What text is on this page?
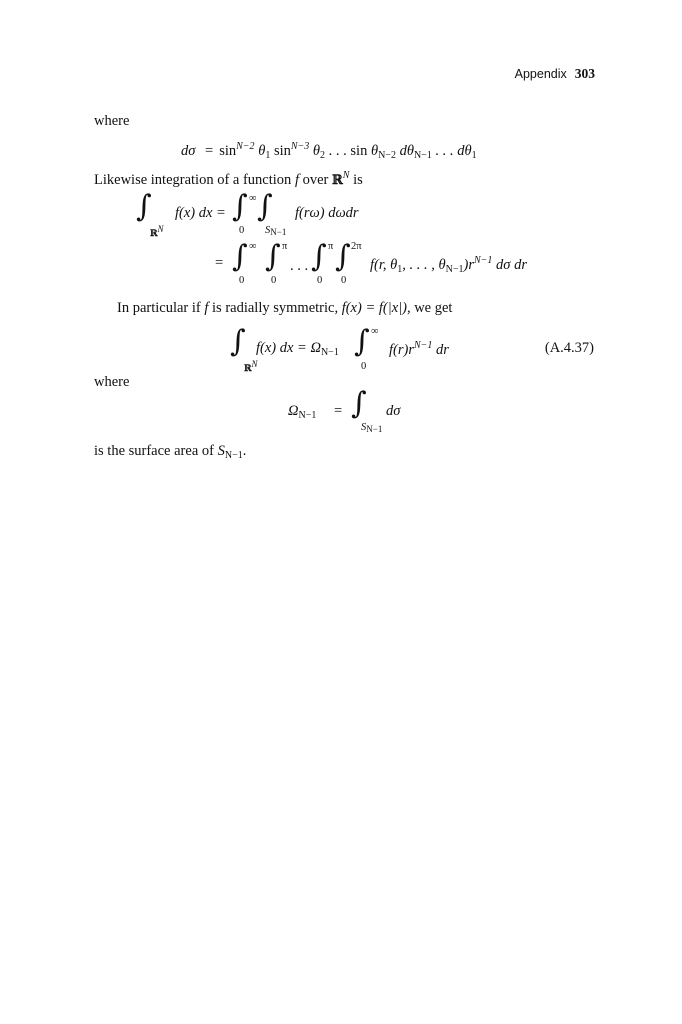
Appendix 303
where
$d\sigma = \sin^{N-2} \theta_1$ $\sin^{N-3} \theta_2$ . . . $\sin \theta_{N-2}$ $d\theta_{N-1}$ . . . $d\theta_1$
Likewise integration of a function f over ℝ$^N$ is
∫
ℝN
f(x) dx = ∫ ∞
0
∫
SN−1
f(rω) dωdr
= ∫ ∞
0
∫ π
0
. . . ∫ π
0
∫ 2π
0
f(r, $\theta_1$, . . . , $\theta_{N-1})r^{N-1}$ dσ dr
In particular if f is radially symmetric, f(x) = f(|x|), we get
∫
ℝN
f(x) dx = $\Omega_{N-1}$ ∫ ∞
0
$f(r)r^{N-1}$ dr	(A.4.37)
where
$\Omega_{N-1}$ = ∫
SN−1
dσ
is the surface area of $S_{N-1}$.
